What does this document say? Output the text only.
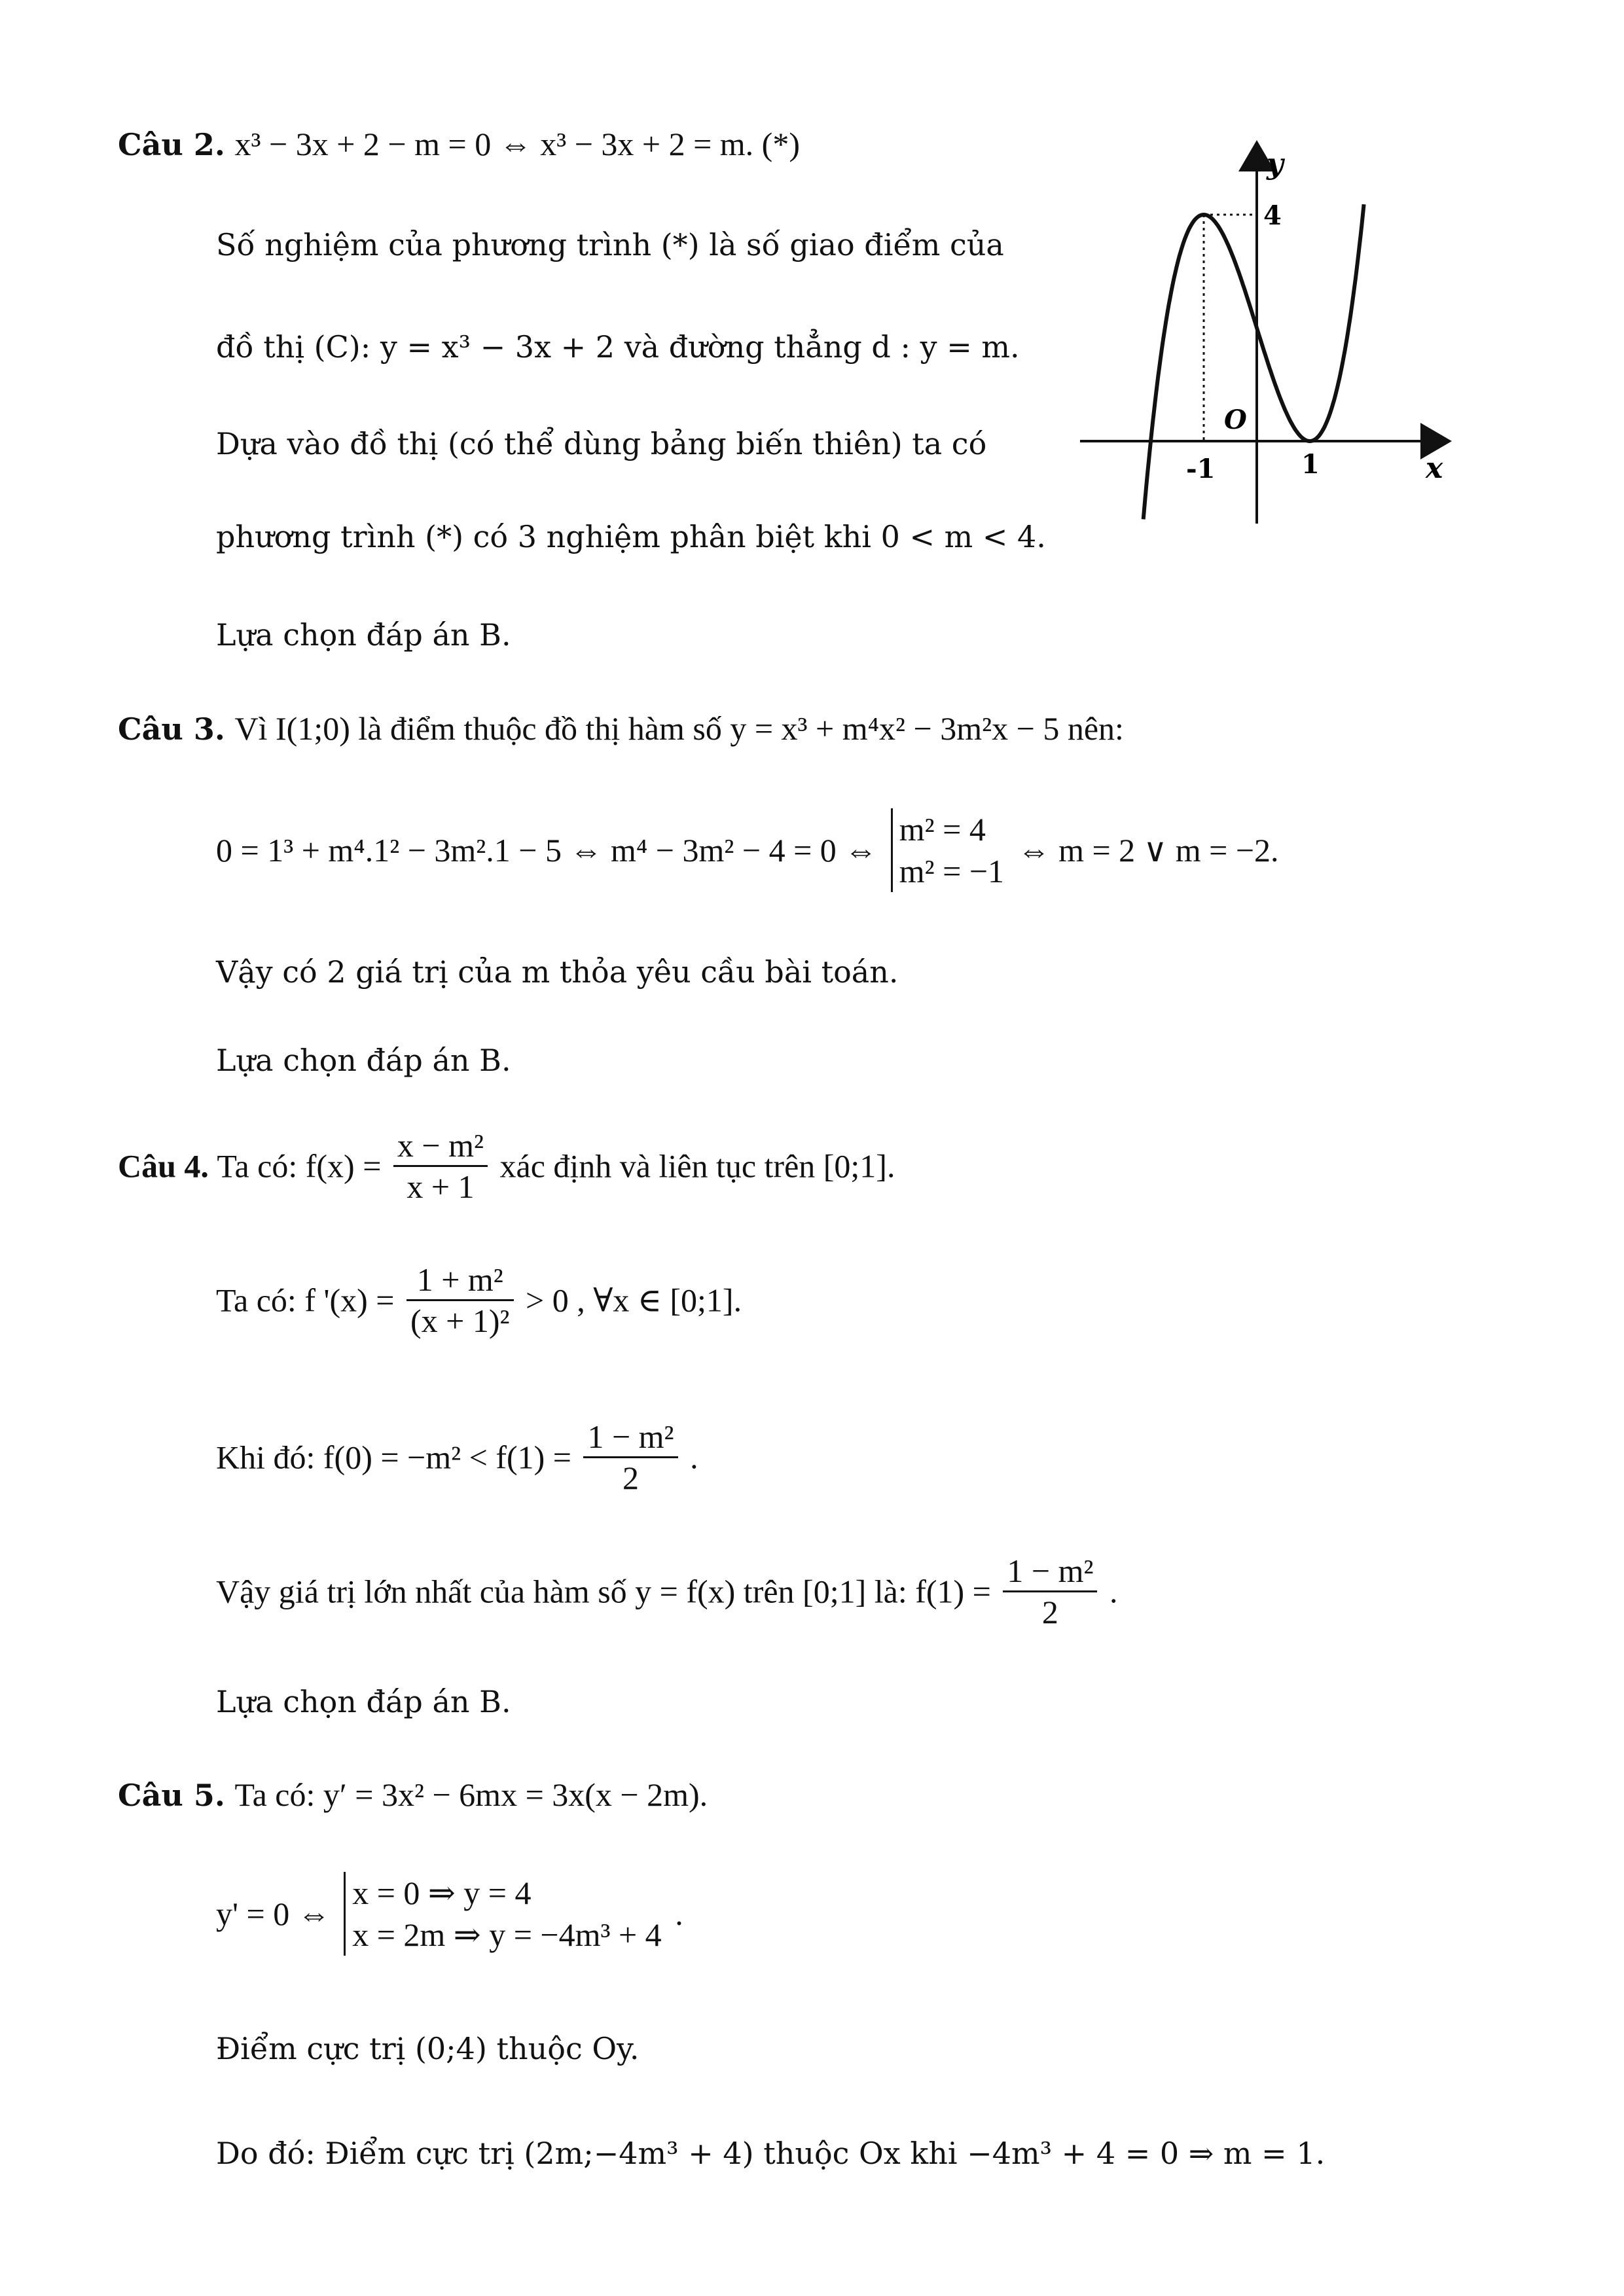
Câu 2. x³ − 3x + 2 − m = 0 ⇔ x³ − 3x + 2 = m. (*)
Số nghiệm của phương trình (*) là số giao điểm của
đồ thị (C): y = x³ − 3x + 2 và đường thẳng d : y = m.
Dựa vào đồ thị (có thể dùng bảng biến thiên) ta có
phương trình (*) có 3 nghiệm phân biệt khi 0 < m < 4.
Lựa chọn đáp án B.
y
4
O
-1	1	x
Câu 3. Vì I(1;0) là điểm thuộc đồ thị hàm số y = x³ + m⁴x² − 3m²x − 5 nên:
0 = 1³ + m⁴.1² − 3m².1 − 5 ⇔ m⁴ − 3m² − 4 = 0 ⇔
m² = 4
m² = −1
⇔ m = 2 ∨ m = −2.
Vậy có 2 giá trị của m thỏa yêu cầu bài toán.
Lựa chọn đáp án B.
Câu 4. Ta có: $f(x) = \frac{\text{x − m²}}{x + 1}$ xác định và liên tục trên [0;1].
Ta có: f '$(x) = \frac{\text{1 + m²}}{\text{(x + 1)²}} > 0$ , ∀x ∈ [0;1].
Khi đó: $f(0) = -m^2 < f(1) = \frac{\text{1 − m²}}{2}$ .
Vậy giá trị lớn nhất của hàm số y = f(x) trên [0;1] là: $f(1) = \frac{\text{1 − m²}}{2}$ .
Lựa chọn đáp án B.
Câu 5. Ta có: y′ = 3x² − 6mx = 3x(x − 2m).
y' = 0 ⇔
x = 0 ⇒ y = 4
x = 2m ⇒ y = −4m³ + 4
.
Điểm cực trị (0;4) thuộc Oy.
Do đó: Điểm cực trị (2m;−4m³ + 4) thuộc Ox khi −4m³ + 4 = 0 ⇒ m = 1.
